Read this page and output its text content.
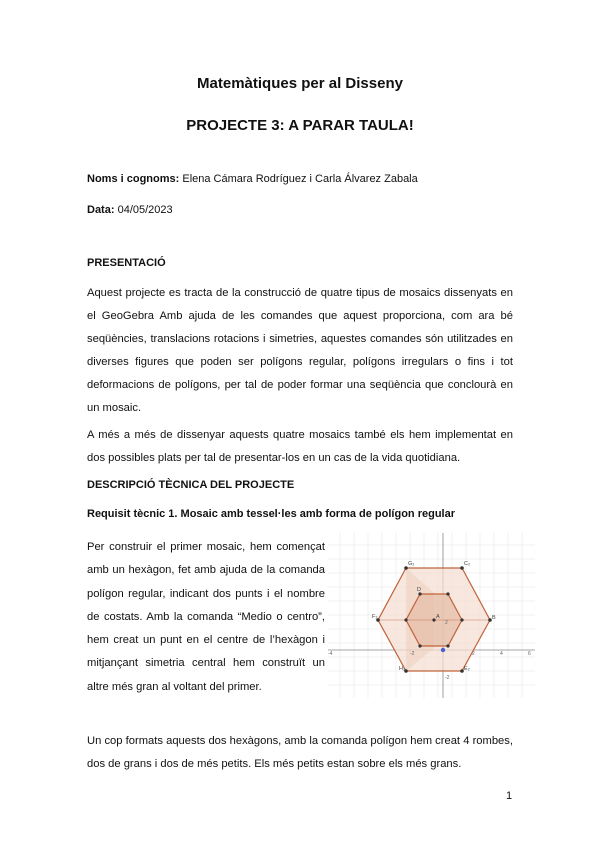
Matemàtiques per al Disseny
PROJECTE 3: A PARAR TAULA!
Noms i cognoms: Elena Cámara Rodríguez i Carla Álvarez Zabala
Data: 04/05/2023
PRESENTACIÓ
Aquest projecte es tracta de la construcció de quatre tipus de mosaics dissenyats en el GeoGebra Amb ajuda de les comandes que aquest proporciona, com ara bé seqüències, translacions rotacions i simetries, aquestes comandes són utilitzades en diverses figures que poden ser polígons regular, polígons irregulars o fins i tot deformacions de polígons, per tal de poder formar una seqüència que conclourà en un mosaic.
A més a més de dissenyar aquests quatre mosaics també els hem implementat en dos possibles plats per tal de presentar-los en un cas de la vida quotidiana.
DESCRIPCIÓ TÈCNICA DEL PROJECTE
Requisit tècnic 1. Mosaic amb tessel·les amb forma de polígon regular
Per construir el primer mosaic, hem començat amb un hexàgon, fet amb ajuda de la comanda polígon regular, indicant dos punts i el nombre de costats. Amb la comanda “Medio o centro”, hem creat un punt en el centre de l’hexàgon i mitjançant simetria central hem construït un altre més gran al voltant del primer.
G₂	C₂
D
A	B
F₂
H₂	E₂
-4	-2	2	4	6
2
-2
Un cop formats aquests dos hexàgons, amb la comanda polígon hem creat 4 rombes, dos de grans i dos de més petits. Els més petits estan sobre els més grans.
1
